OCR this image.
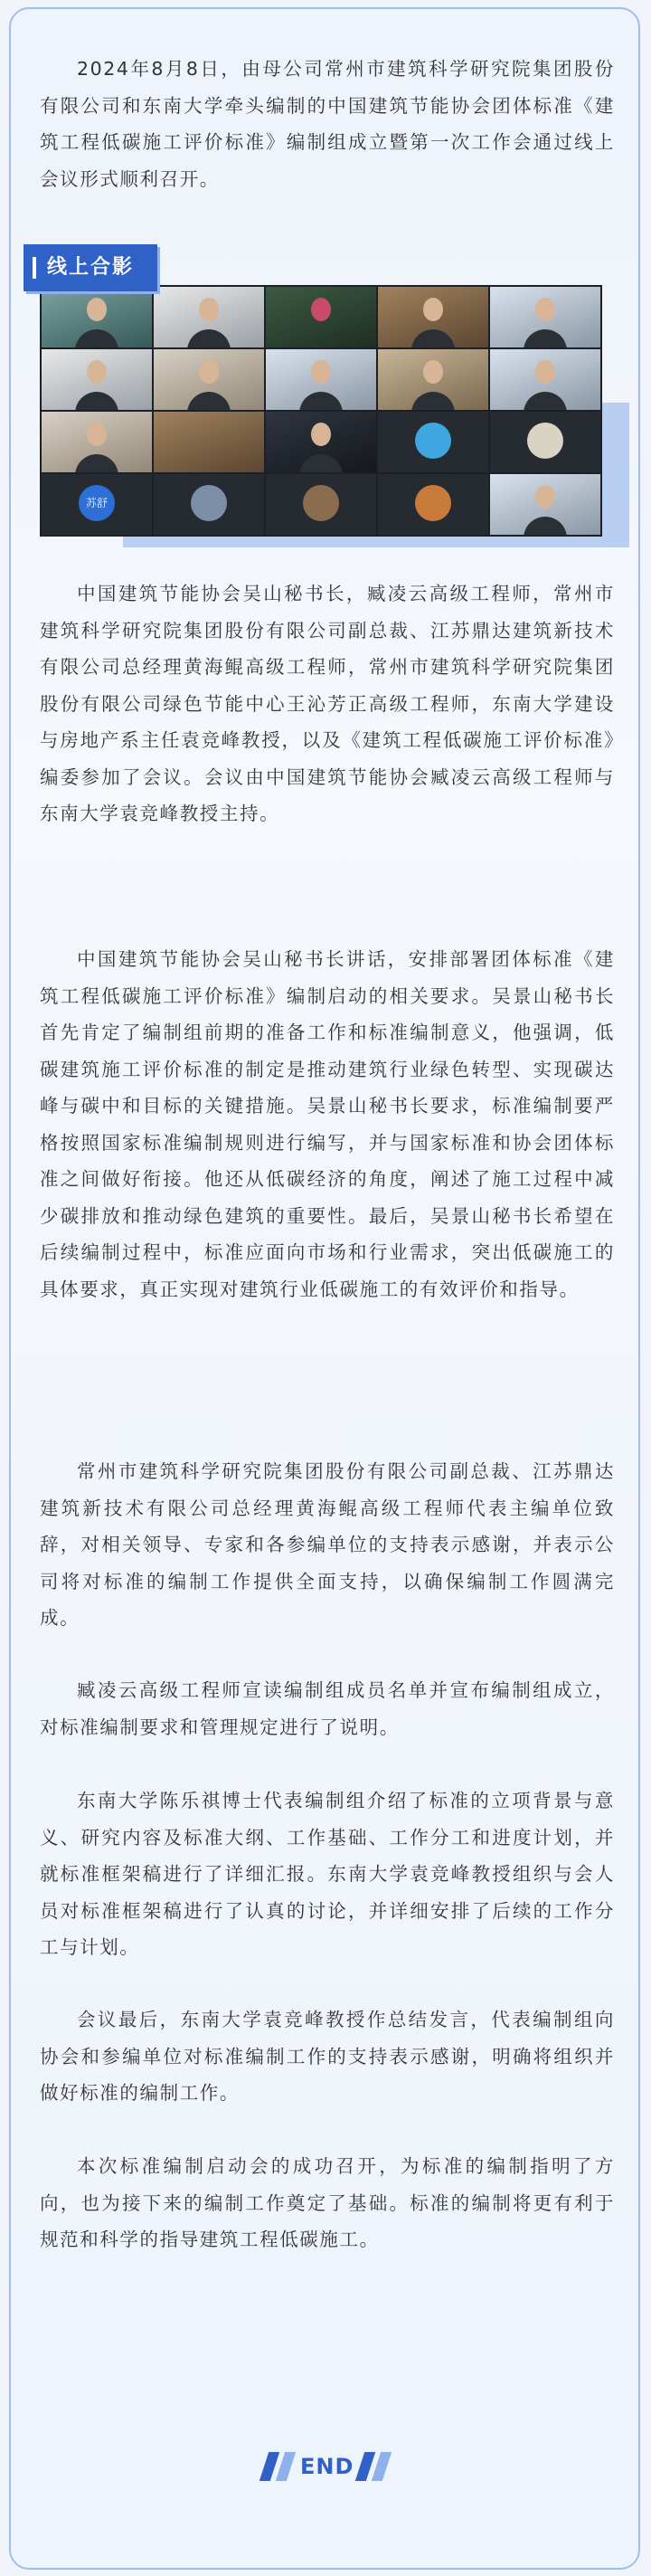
2024年8月8日，由母公司常州市建筑科学研究院集团股份有限公司和东南大学牵头编制的中国建筑节能协会团体标准《建筑工程低碳施工评价标准》编制组成立暨第一次工作会通过线上会议形式顺利召开。

苏舒
线上合影

中国建筑节能协会吴山秘书长，臧凌云高级工程师，常州市建筑科学研究院集团股份有限公司副总裁、江苏鼎达建筑新技术有限公司总经理黄海鲲高级工程师，常州市建筑科学研究院集团股份有限公司绿色节能中心王沁芳正高级工程师，东南大学建设与房地产系主任袁竞峰教授，以及《建筑工程低碳施工评价标准》编委参加了会议。会议由中国建筑节能协会臧凌云高级工程师与东南大学袁竞峰教授主持。

中国建筑节能协会吴山秘书长讲话，安排部署团体标准《建筑工程低碳施工评价标准》编制启动的相关要求。吴景山秘书长首先肯定了编制组前期的准备工作和标准编制意义，他强调，低碳建筑施工评价标准的制定是推动建筑行业绿色转型、实现碳达峰与碳中和目标的关键措施。吴景山秘书长要求，标准编制要严格按照国家标准编制规则进行编写，并与国家标准和协会团体标准之间做好衔接。他还从低碳经济的角度，阐述了施工过程中减少碳排放和推动绿色建筑的重要性。最后，吴景山秘书长希望在后续编制过程中，标准应面向市场和行业需求，突出低碳施工的具体要求，真正实现对建筑行业低碳施工的有效评价和指导。

常州市建筑科学研究院集团股份有限公司副总裁、江苏鼎达建筑新技术有限公司总经理黄海鲲高级工程师代表主编单位致辞，对相关领导、专家和各参编单位的支持表示感谢，并表示公司将对标准的编制工作提供全面支持，以确保编制工作圆满完成。

臧凌云高级工程师宣读编制组成员名单并宣布编制组成立，对标准编制要求和管理规定进行了说明。

东南大学陈乐祺博士代表编制组介绍了标准的立项背景与意义、研究内容及标准大纲、工作基础、工作分工和进度计划，并就标准框架稿进行了详细汇报。东南大学袁竞峰教授组织与会人员对标准框架稿进行了认真的讨论，并详细安排了后续的工作分工与计划。

会议最后，东南大学袁竞峰教授作总结发言，代表编制组向协会和参编单位对标准编制工作的支持表示感谢，明确将组织并做好标准的编制工作。

本次标准编制启动会的成功召开，为标准的编制指明了方向，也为接下来的编制工作奠定了基础。标准的编制将更有利于规范和科学的指导建筑工程低碳施工。

END
